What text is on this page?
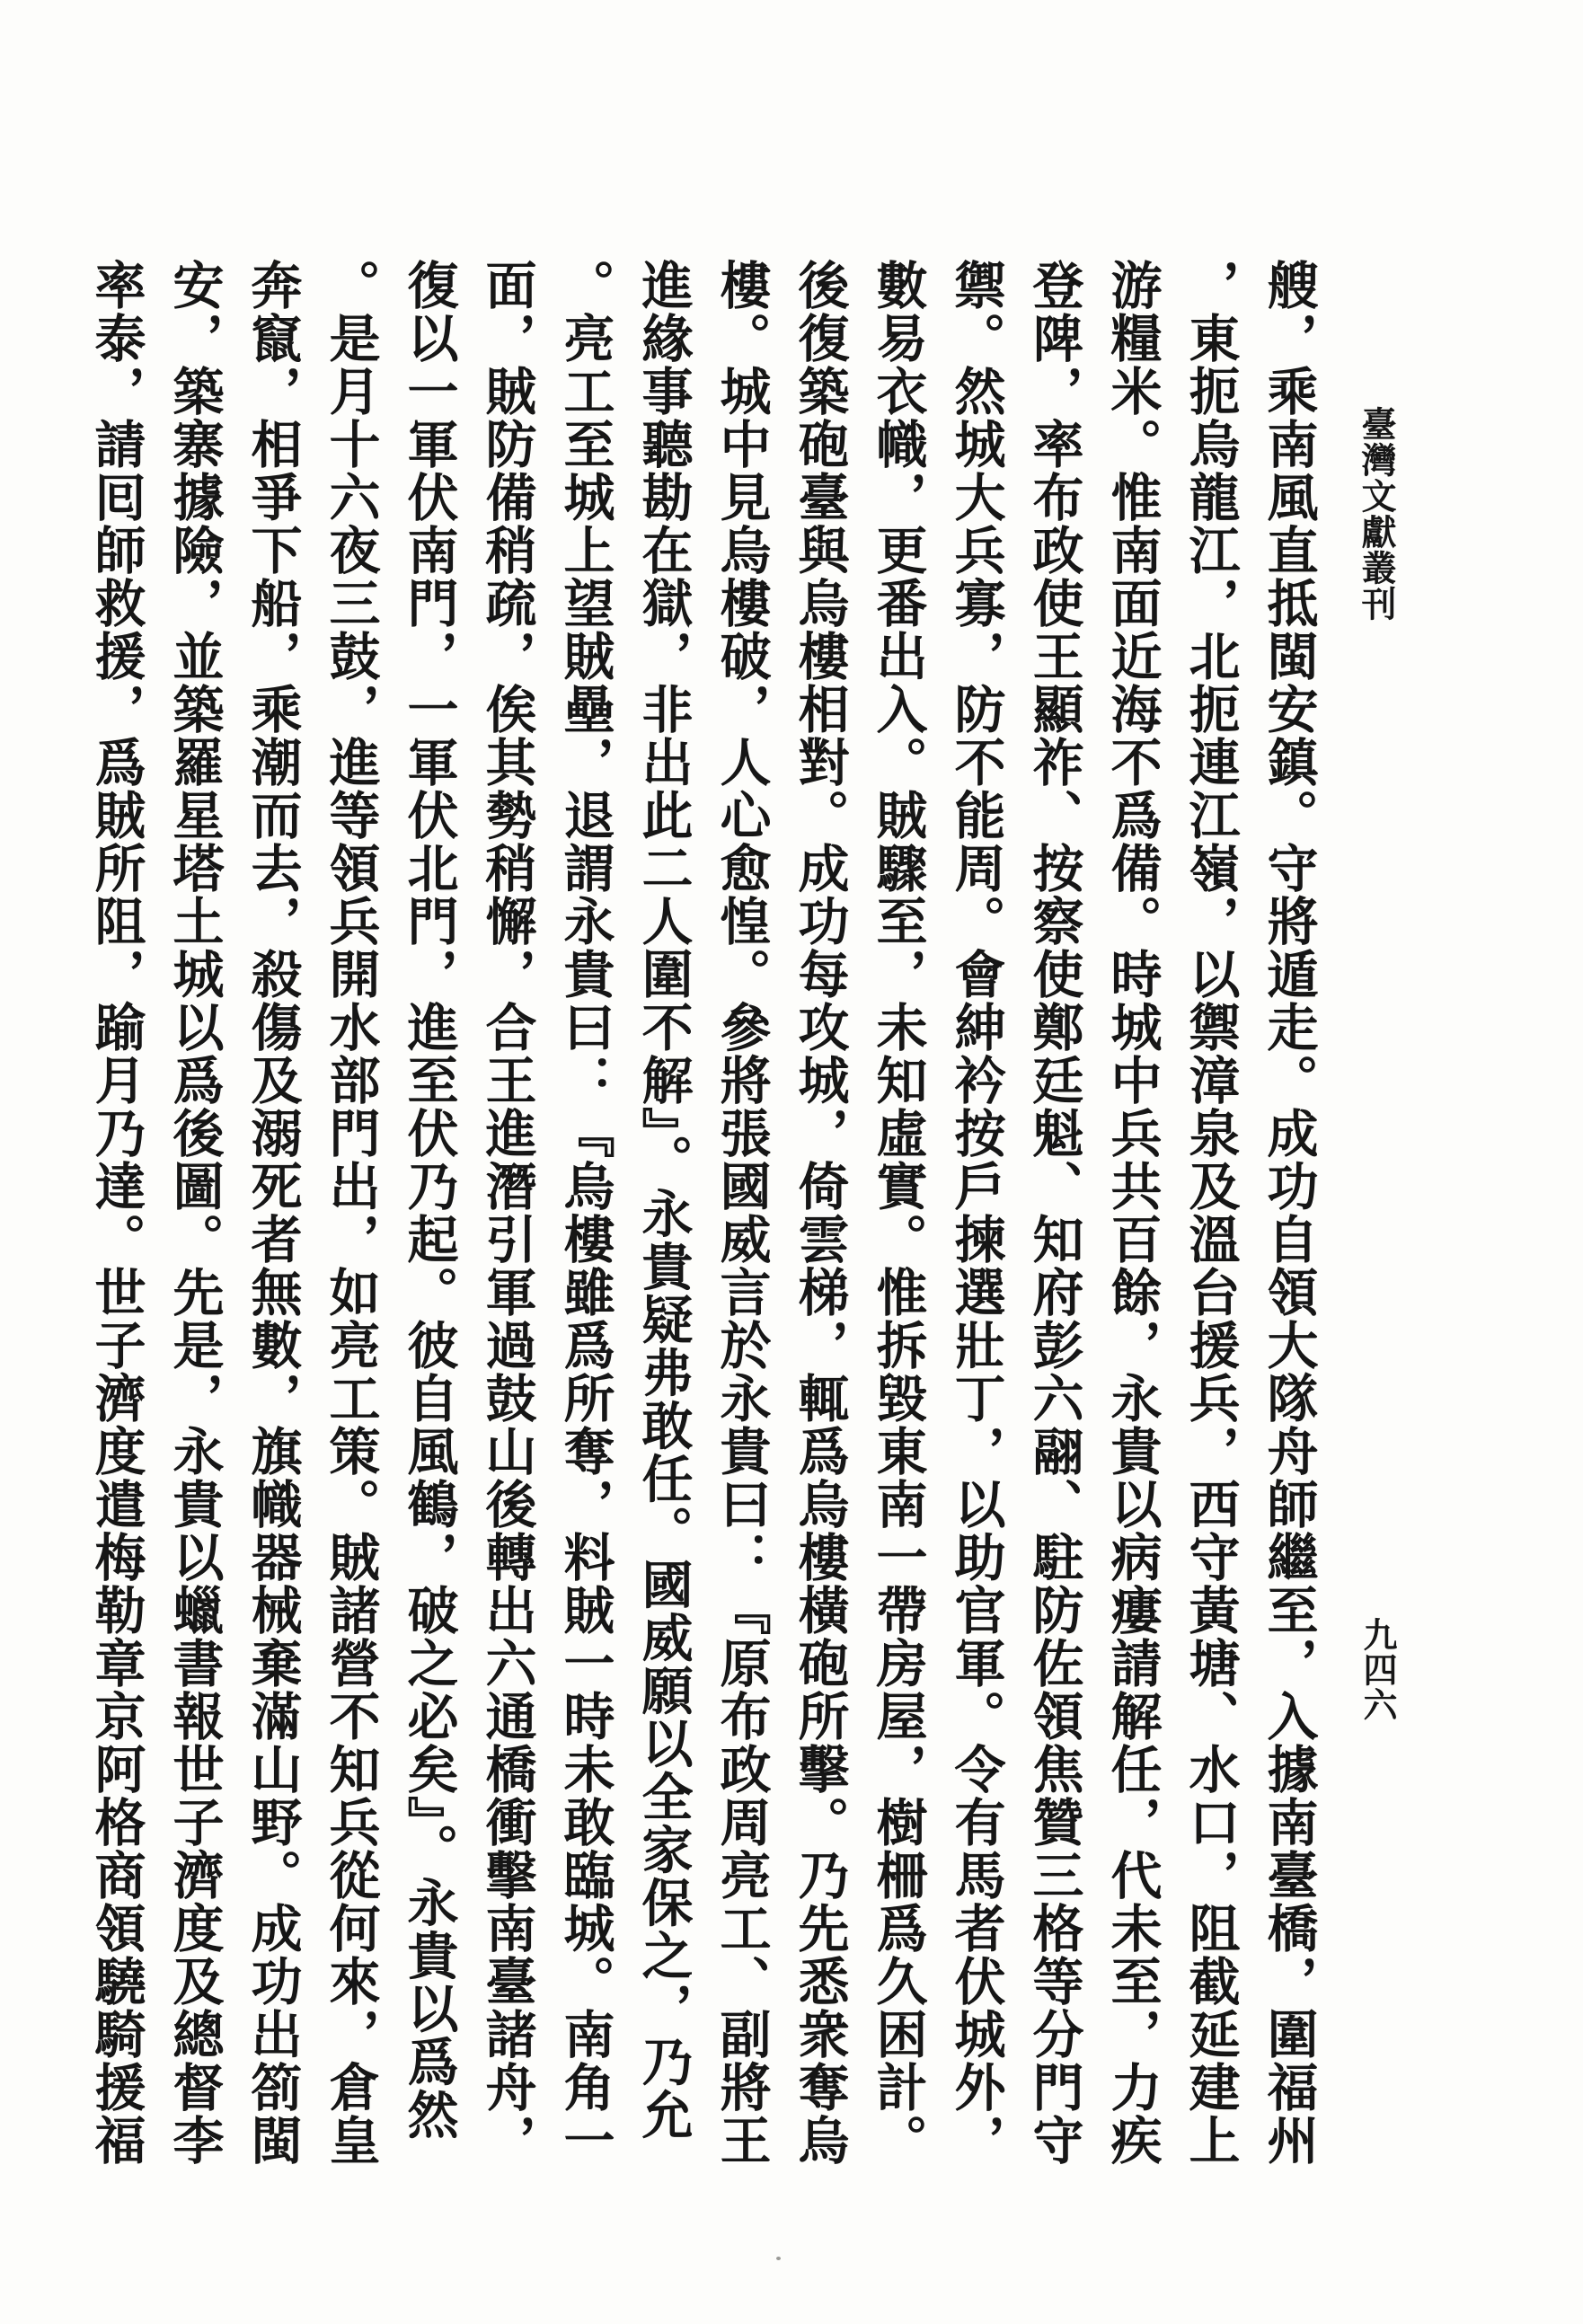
臺灣文獻叢刊
九四六
艘，乘南風直抵閩安鎮。守將遁走。成功自領大隊舟師繼至，入據南臺橋，圍福州
，東扼烏龍江，北扼連江嶺，以禦漳泉及溫台援兵，西守黃塘、水口，阻截延建上
游糧米。惟南面近海不爲備。時城中兵共百餘，永貴以病瘻請解任，代未至，力疾
登陴，率布政使王顯祚、按察使鄭廷魁、知府彭六翮、駐防佐領焦贊三格等分門守
禦。然城大兵寡，防不能周。會紳衿按戶揀選壯丁，以助官軍。令有馬者伏城外，
數易衣幟，更番出入。賊驟至，未知虛實。惟拆毀東南一帶房屋，樹柵爲久困計。
後復築砲臺與烏樓相對。成功每攻城，倚雲梯，輒爲烏樓橫砲所擊。乃先悉衆奪烏
樓。城中見烏樓破，人心愈惶。參將張國威言於永貴曰：『原布政周亮工、副將王
進緣事聽勘在獄，非出此二人圍不解』。永貴疑弗敢任。國威願以全家保之，乃允
。亮工至城上望賊壘，退謂永貴曰：『烏樓雖爲所奪，料賊一時未敢臨城。南角一
面，賊防備稍疏，俟其勢稍懈，合王進潛引軍過鼓山後轉出六通橋衝擊南臺諸舟，
復以一軍伏南門，一軍伏北門，進至伏乃起。彼自風鶴，破之必矣』。永貴以爲然
。是月十六夜三鼓，進等領兵開水部門出，如亮工策。賊諸營不知兵從何來，倉皇
奔竄，相爭下船，乘潮而去，殺傷及溺死者無數，旗幟器械棄滿山野。成功出箚閩
安，築寨據險，並築羅星塔土城以爲後圖。先是，永貴以蠟書報世子濟度及總督李
率泰，請囘師救援，爲賊所阻，踰月乃達。世子濟度遣梅勒章京阿格商領驍騎援福
